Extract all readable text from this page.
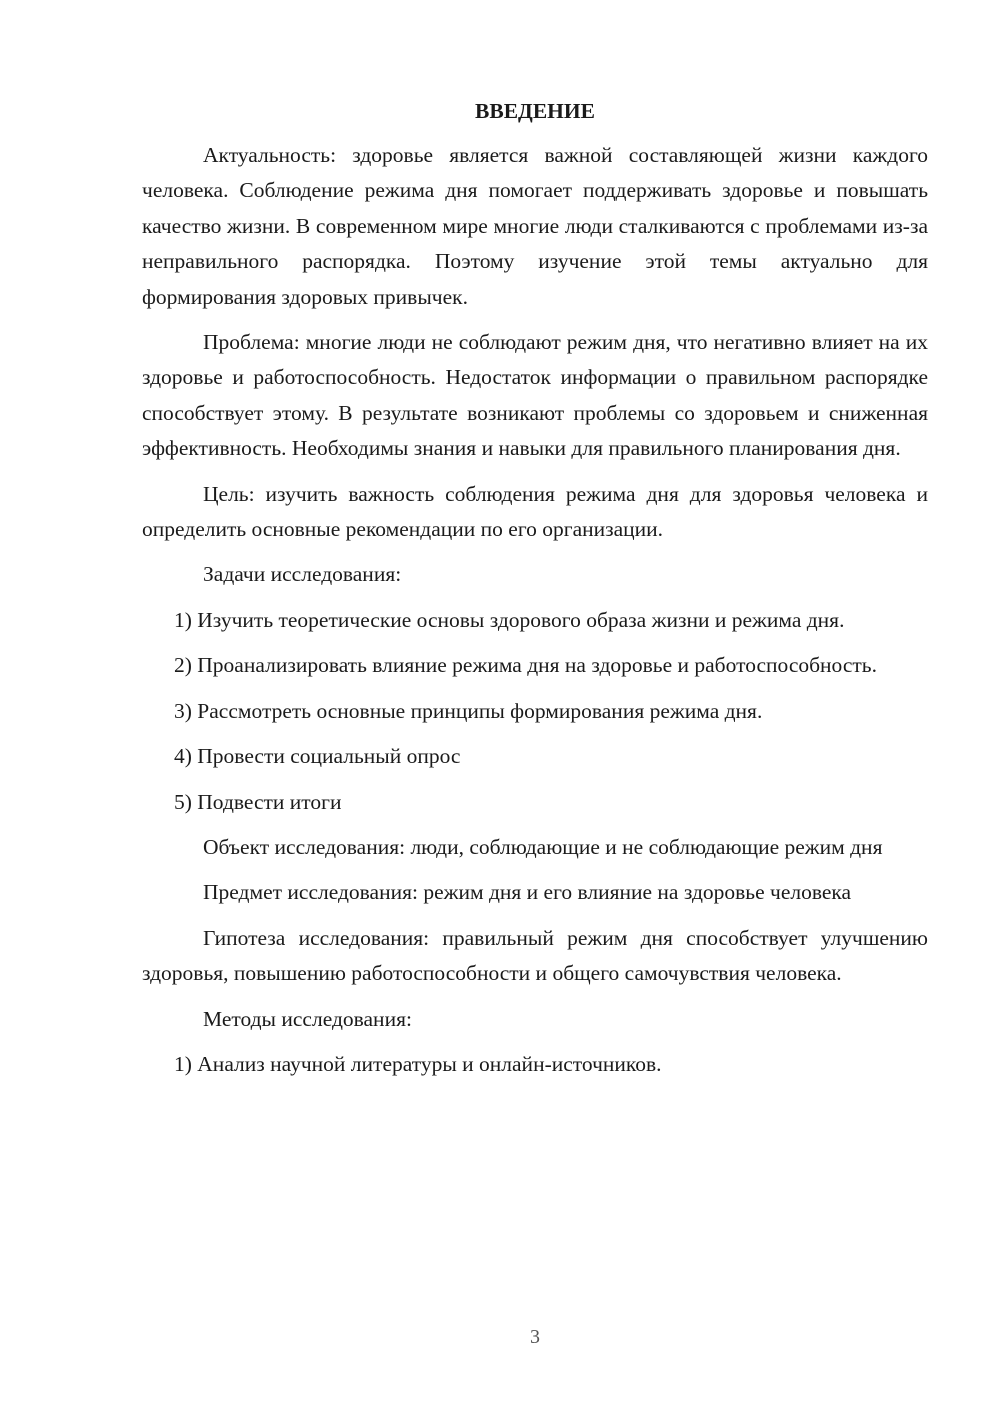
ВВЕДЕНИЕ

Актуальность: здоровье является важной составляющей жизни каждого человека. Соблюдение режима дня помогает поддерживать здоровье и повышать качество жизни. В современном мире многие люди сталкиваются с проблемами из-за неправильного распорядка. Поэтому изучение этой темы актуально для формирования здоровых привычек.

Проблема: многие люди не соблюдают режим дня, что негативно влияет на их здоровье и работоспособность. Недостаток информации о правильном распорядке способствует этому. В результате возникают проблемы со здоровьем и сниженная эффективность. Необходимы знания и навыки для правильного планирования дня.

Цель: изучить важность соблюдения режима дня для здоровья человека и определить основные рекомендации по его организации.

Задачи исследования:

1) Изучить теоретические основы здорового образа жизни и режима дня.

2) Проанализировать влияние режима дня на здоровье и работоспособность.

3) Рассмотреть основные принципы формирования режима дня.

4) Провести социальный опрос

5) Подвести итоги

Объект исследования: люди, соблюдающие и не соблюдающие режим дня

Предмет исследования: режим дня и его влияние на здоровье человека

Гипотеза исследования: правильный режим дня способствует улучшению здоровья, повышению работоспособности и общего самочувствия человека.

Методы исследования:

1) Анализ научной литературы и онлайн-источников.

3
